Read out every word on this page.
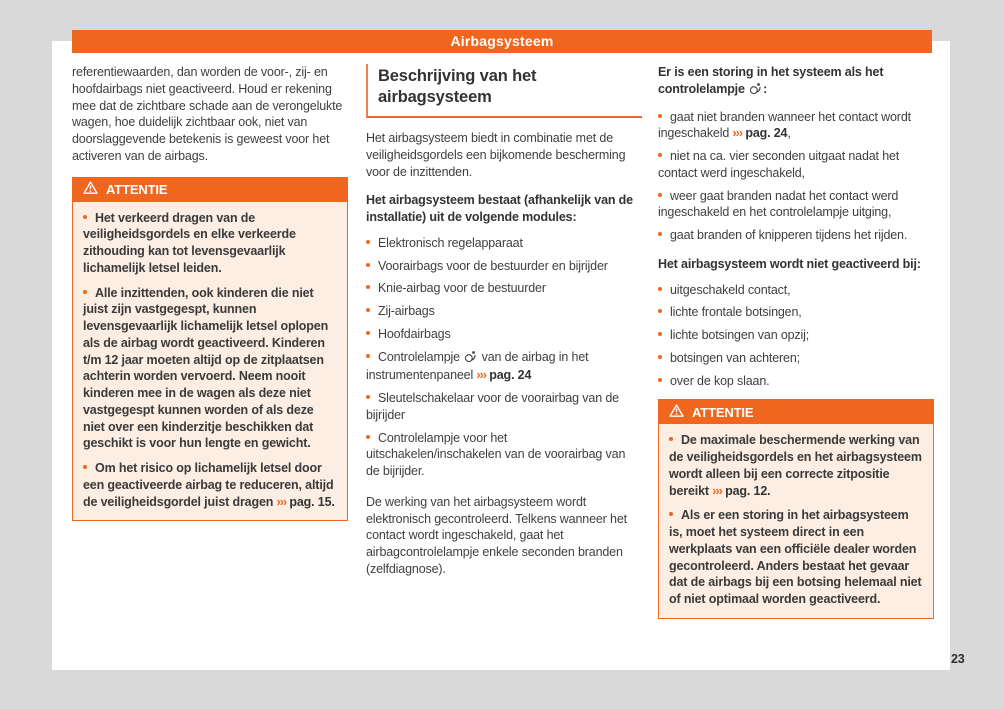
Airbagsysteem

referentiewaarden, dan worden de voor-, zij- en hoofdairbags niet geactiveerd. Houd er rekening mee dat de zichtbare schade aan de verongelukte wagen, hoe duidelijk zichtbaar ook, niet van doorslaggevende betekenis is geweest voor het activeren van de airbags.

ATTENTIE
Het verkeerd dragen van de veiligheidsgordels en elke verkeerde zithouding kan tot levensgevaarlijk lichamelijk letsel leiden.
Alle inzittenden, ook kinderen die niet juist zijn vastgegespt, kunnen levensgevaarlijk lichamelijk letsel oplopen als de airbag wordt geactiveerd. Kinderen t/m 12 jaar moeten altijd op de zitplaatsen achterin worden vervoerd. Neem nooit kinderen mee in de wagen als deze niet vastgegespt kunnen worden of als deze niet over een kinderzitje beschikken dat geschikt is voor hun lengte en gewicht.
Om het risico op lichamelijk letsel door een geactiveerde airbag te reduceren, altijd de veiligheidsgordel juist dragen ››› pag. 15.
Beschrijving van het airbagsysteem

Het airbagsysteem biedt in combinatie met de veiligheidsgordels een bijkomende bescherming voor de inzittenden.

Het airbagsysteem bestaat (afhankelijk van de installatie) uit de volgende modules:
Elektronisch regelapparaat
Voorairbags voor de bestuurder en bijrijder
Knie-airbag voor de bestuurder
Zij-airbags
Hoofdairbags
Controlelampje van de airbag in het instrumentenpaneel ››› pag. 24
Sleutelschakelaar voor de voorairbag van de bijrijder
Controlelampje voor het uitschakelen/inschakelen van de voorairbag van de bijrijder.

De werking van het airbagsysteem wordt elektronisch gecontroleerd. Telkens wanneer het contact wordt ingeschakeld, gaat het airbagcontrolelampje enkele seconden branden (zelfdiagnose).

Er is een storing in het systeem als het controlelampje :
gaat niet branden wanneer het contact wordt ingeschakeld ››› pag. 24,
niet na ca. vier seconden uitgaat nadat het contact werd ingeschakeld,
weer gaat branden nadat het contact werd ingeschakeld en het controlelampje uitging,
gaat branden of knipperen tijdens het rijden.
Het airbagsysteem wordt niet geactiveerd bij:
uitgeschakeld contact,
lichte frontale botsingen,
lichte botsingen van opzij;
botsingen van achteren;
over de kop slaan.
ATTENTIE
De maximale beschermende werking van de veiligheidsgordels en het airbagsysteem wordt alleen bij een correcte zitpositie bereikt ››› pag. 12.
Als er een storing in het airbagsysteem is, moet het systeem direct in een werkplaats van een officiële dealer worden gecontroleerd. Anders bestaat het gevaar dat de airbags bij een botsing helemaal niet of niet optimaal worden geactiveerd.
23
